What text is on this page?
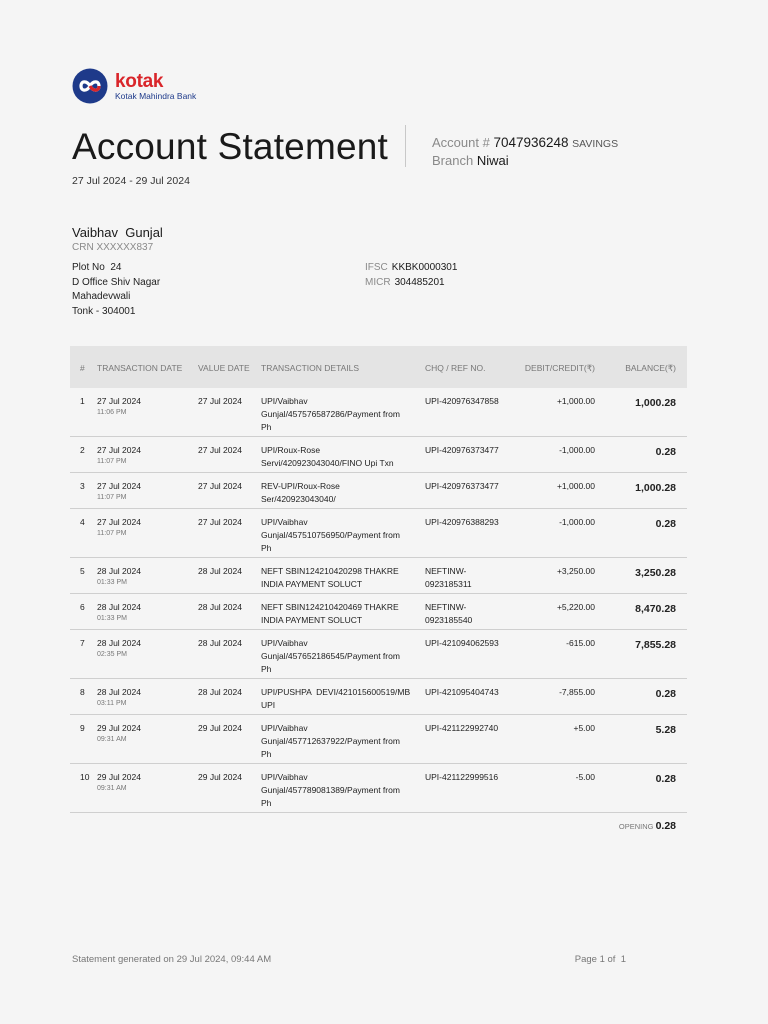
kotak
Kotak Mahindra Bank
Account Statement
27 Jul 2024 - 29 Jul 2024
Account # 7047936248 SAVINGS
Branch Niwai
Vaibhav  Gunjal
CRN XXXXXX837
Plot No  24
D Office Shiv Nagar
Mahadevwali
Tonk - 304001
IFSC KKBK0000301
MICR 304485201
# TRANSACTION DATE VALUE DATE TRANSACTION DETAILS	CHQ / REF NO.	DEBIT/CREDIT(₹)	BALANCE(₹)
1 27 Jul 2024
11:06 PM
27 Jul 2024 UPI/Vaibhav
Gunjal/457576587286/Payment from
Ph
UPI-420976347858	+1,000.00	1,000.28
2 27 Jul 2024
11:07 PM
27 Jul 2024 UPI/Roux-Rose
Servi/420923043040/FINO Upi Txn
UPI-420976373477	-1,000.00	0.28
3 27 Jul 2024
11:07 PM
27 Jul 2024 REV-UPI/Roux-Rose
Ser/420923043040/
UPI-420976373477	+1,000.00	1,000.28
4 27 Jul 2024
11:07 PM
27 Jul 2024 UPI/Vaibhav
Gunjal/457510756950/Payment from
Ph
UPI-420976388293	-1,000.00	0.28
5 28 Jul 2024
01:33 PM
28 Jul 2024 NEFT SBIN124210420298 THAKRE
INDIA PAYMENT SOLUCT
NEFTINW-
0923185311
+3,250.00	3,250.28
6 28 Jul 2024
01:33 PM
28 Jul 2024 NEFT SBIN124210420469 THAKRE
INDIA PAYMENT SOLUCT
NEFTINW-
0923185540
+5,220.00	8,470.28
7 28 Jul 2024
02:35 PM
28 Jul 2024 UPI/Vaibhav
Gunjal/457652186545/Payment from
Ph
UPI-421094062593	-615.00	7,855.28
8 28 Jul 2024
03:11 PM
28 Jul 2024 UPI/PUSHPA  DEVI/421015600519/MB
UPI
UPI-421095404743	-7,855.00	0.28
9 29 Jul 2024
09:31 AM
29 Jul 2024 UPI/Vaibhav
Gunjal/457712637922/Payment from
Ph
UPI-421122992740	+5.00	5.28
10 29 Jul 2024
09:31 AM
29 Jul 2024 UPI/Vaibhav
Gunjal/457789081389/Payment from
Ph
UPI-421122999516	-5.00	0.28
OPENING 0.28
Statement generated on 29 Jul 2024, 09:44 AM	Page 1 of  1
